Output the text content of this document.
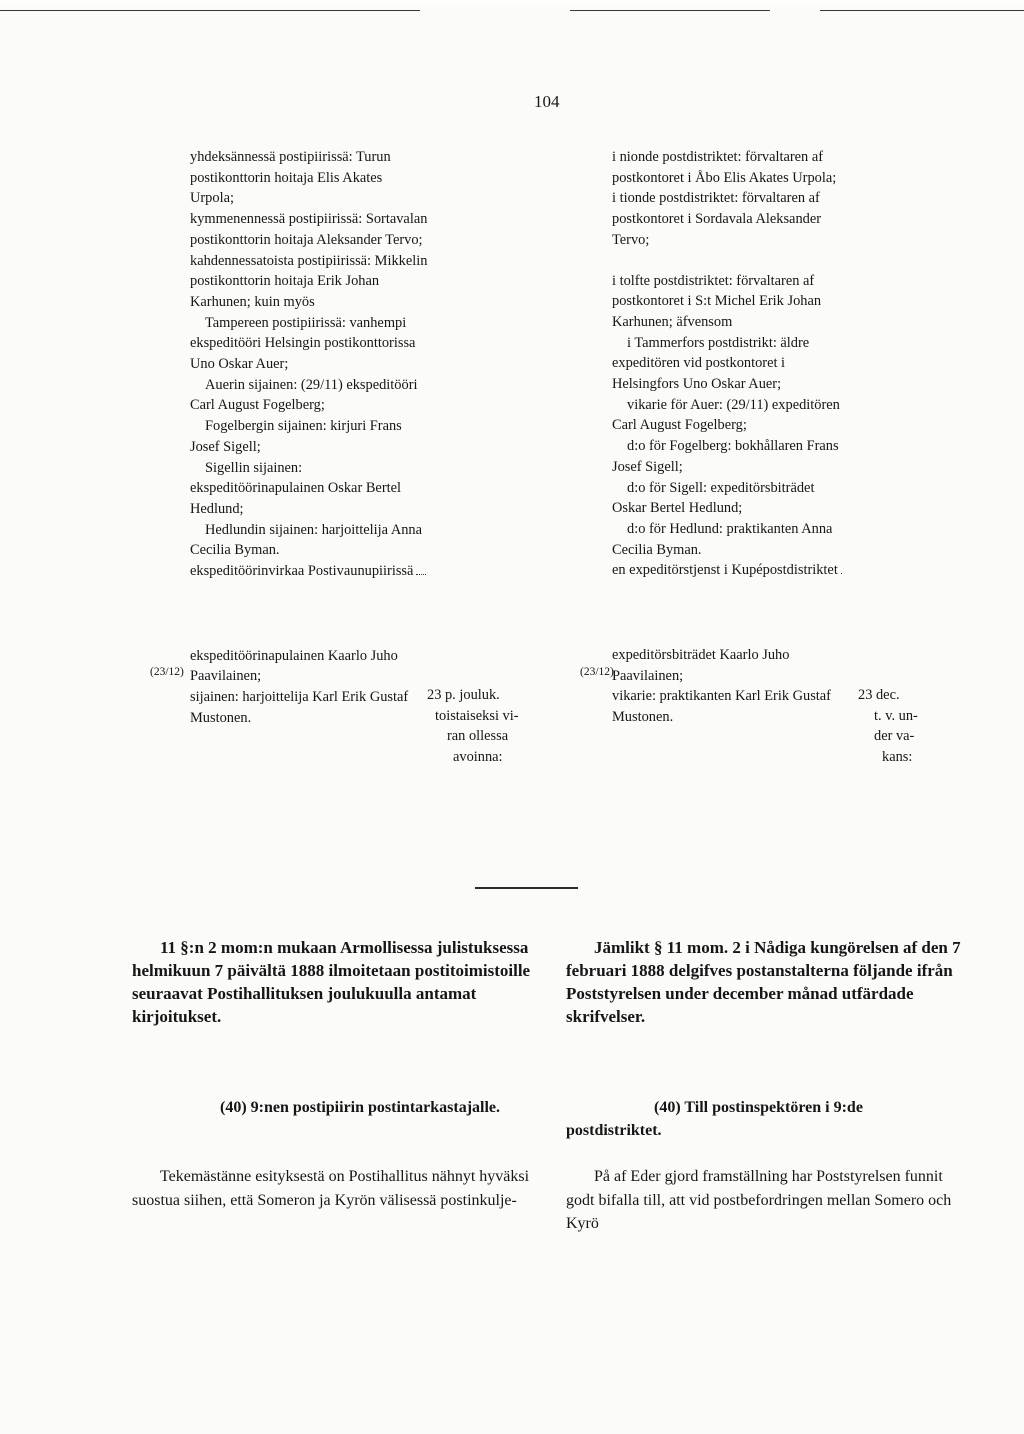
104

yhdeksännessä postipiirissä: Turun postikonttorin hoitaja Elis Akates Urpola;

kymmenennessä postipiirissä: Sortavalan postikonttorin hoitaja Aleksander Tervo;

kahdennessatoista postipiirissä: Mikkelin postikonttorin hoitaja Erik Johan Karhunen; kuin myös

Tampereen postipiirissä: vanhempi ekspeditööri Helsingin postikonttorissa Uno Oskar Auer;

Auerin sijainen: (29/11) ekspeditööri Carl August Fogelberg;

Fogelbergin sijainen: kirjuri Frans Josef Sigell;

Sigellin sijainen: ekspeditöörinapulainen Oskar Bertel Hedlund;

Hedlundin sijainen: harjoittelija Anna Cecilia Byman.

ekspeditöörinvirkaa Postivaunupiirissä

ekspeditöörinapulainen Kaarlo Juho Paavilainen;

sijainen: harjoittelija Karl Erik Gustaf Mustonen.

(23/12)
23 p. jouluk.
toistaiseksi vi-
ran ollessa
avoinna:

i nionde postdistriktet: förvaltaren af postkontoret i Åbo Elis Akates Urpola;

i tionde postdistriktet: förvaltaren af postkontoret i Sordavala Aleksander Tervo;

i tolfte postdistriktet: förvaltaren af postkontoret i S:t Michel Erik Johan Karhunen; äfvensom

i Tammerfors postdistrikt: äldre expeditören vid postkontoret i Helsingfors Uno Oskar Auer;

vikarie för Auer: (29/11) expeditören Carl August Fogelberg;

d:o för Fogelberg: bokhållaren Frans Josef Sigell;

d:o för Sigell: expeditörsbiträdet Oskar Bertel Hedlund;

d:o för Hedlund: praktikanten Anna Cecilia Byman.

en expeditörstjenst i Kupépostdistriktet

expeditörsbiträdet Kaarlo Juho Paavilainen;

vikarie: praktikanten Karl Erik Gustaf Mustonen.

(23/12)
23 dec.
t. v. un-
der va-
kans:

11 §:n 2 mom:n mukaan Armollisessa julistuksessa helmikuun 7 päivältä 1888 ilmoitetaan postitoimistoille seuraavat Postihallituksen joulukuulla antamat kirjoitukset.

Jämlikt § 11 mom. 2 i Nådiga kungörelsen af den 7 februari 1888 delgifves postanstalterna följande ifrån Poststyrelsen under december månad utfärdade skrifvelser.

(40) 9:nen postipiirin postintarkastajalle.	(40) Till postinspektören i 9:de postdistriktet.

Tekemästänne esityksestä on Postihallitus nähnyt hyväksi suostua siihen, että Someron ja Kyrön välisessä postinkulje-

På af Eder gjord framställning har Poststyrelsen funnit godt bifalla till, att vid postbefordringen mellan Somero och Kyrö
